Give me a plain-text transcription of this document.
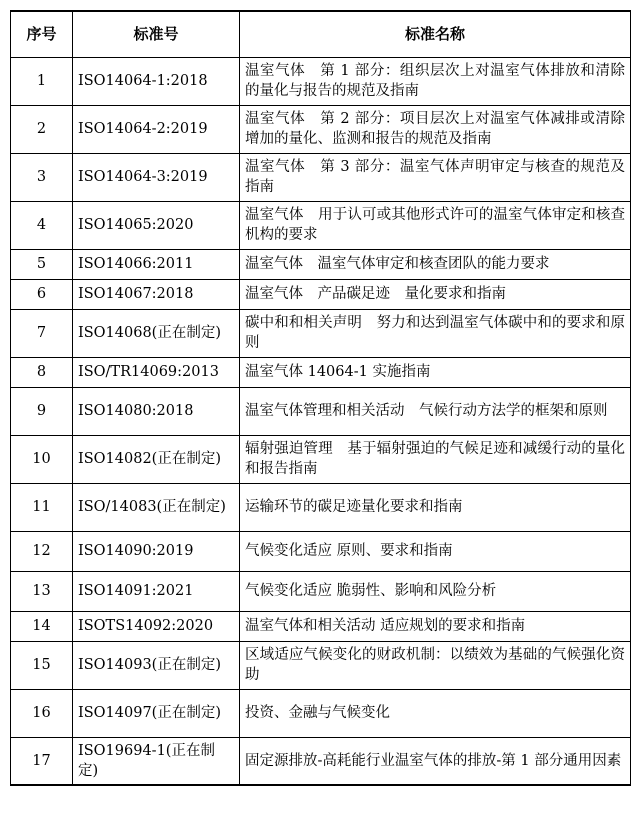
序号	标准号	标准名称
1	ISO14064-1:2018	温室气体　第 1 部分：组织层次上对温室气体排放和清除的量化与报告的规范及指南
2	ISO14064-2:2019	温室气体　第 2 部分：项目层次上对温室气体减排或清除增加的量化、监测和报告的规范及指南
3	ISO14064-3:2019	温室气体　第 3 部分：温室气体声明审定与核查的规范及指南
4	ISO14065:2020	温室气体　用于认可或其他形式许可的温室气体审定和核查机构的要求
5	ISO14066:2011	温室气体　温室气体审定和核查团队的能力要求
6	ISO14067:2018	温室气体　产品碳足迹　量化要求和指南
7	ISO14068(正在制定)	碳中和和相关声明　努力和达到温室气体碳中和的要求和原则
8	ISO/TR14069:2013	温室气体 14064-1 实施指南
9	ISO14080:2018	温室气体管理和相关活动　气候行动方法学的框架和原则
10	ISO14082(正在制定)	辐射强迫管理　基于辐射强迫的气候足迹和减缓行动的量化和报告指南
11	ISO/14083(正在制定)	运输环节的碳足迹量化要求和指南
12	ISO14090:2019	气候变化适应 原则、要求和指南
13	ISO14091:2021	气候变化适应 脆弱性、影响和风险分析
14	ISOTS14092:2020	温室气体和相关活动 适应规划的要求和指南
15	ISO14093(正在制定)	区域适应气候变化的财政机制：以绩效为基础的气候强化资助
16	ISO14097(正在制定)	投资、金融与气候变化
17	ISO19694-1(正在制定)	固定源排放-高耗能行业温室气体的排放-第 1 部分通用因素
